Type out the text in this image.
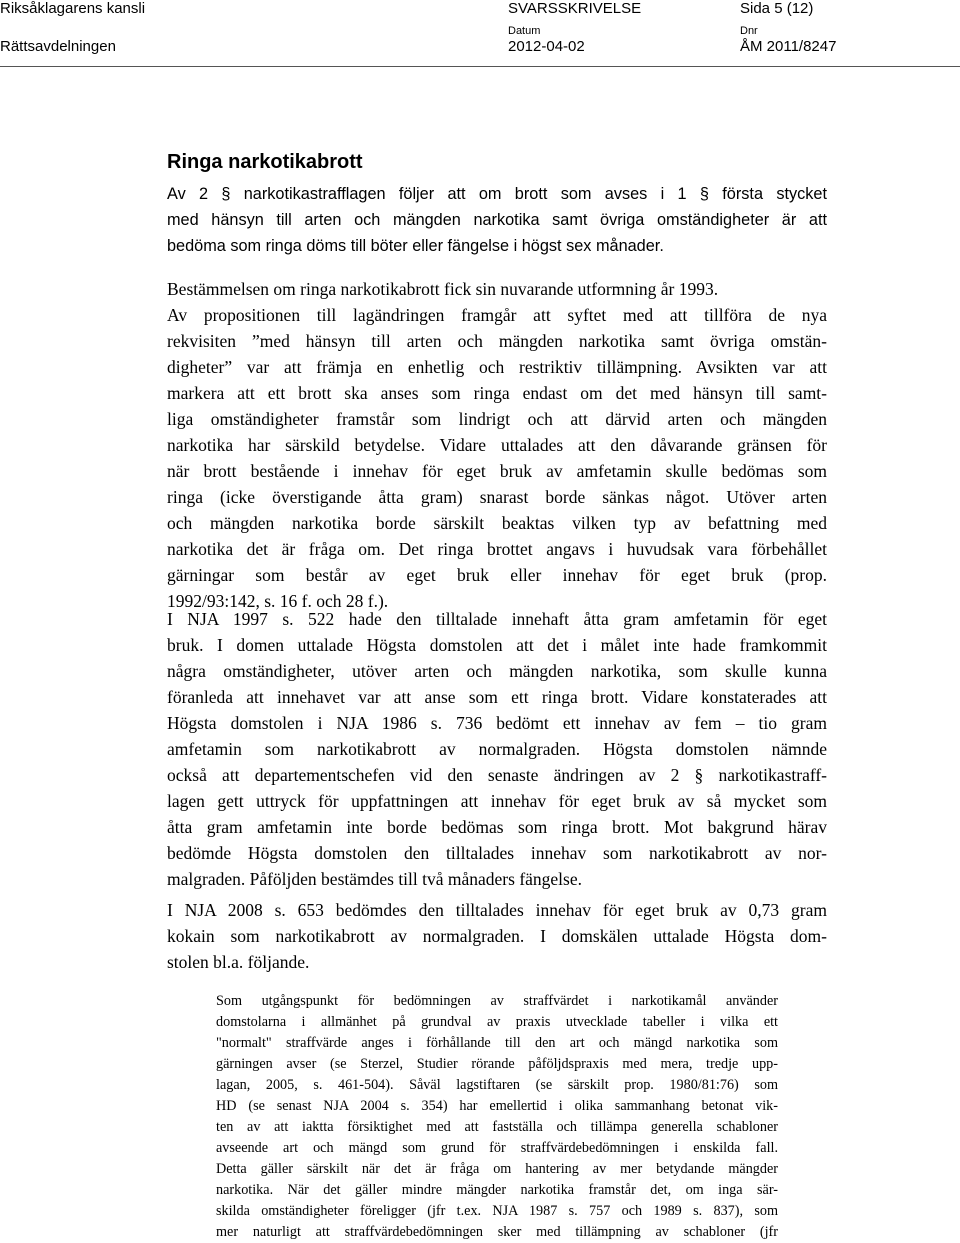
Riksåklagarens kansli
Rättsavdelningen
SVARSSKRIVELSE
Datum
2012-04-02
Dnr
ÅM 2011/8247
Sida 5 (12)
Ringa narkotikabrott
Av 2 § narkotikastrafflagen följer att om brott som avses i 1 § första stycket
med hänsyn till arten och mängden narkotika samt övriga omständigheter är att
bedöma som ringa döms till böter eller fängelse i högst sex månader.
Bestämmelsen om ringa narkotikabrott fick sin nuvarande utformning år 1993.
Av propositionen till lagändringen framgår att syftet med att tillföra de nya
rekvisiten ”med hänsyn till arten och mängden narkotika samt övriga omstän-
digheter” var att främja en enhetlig och restriktiv tillämpning. Avsikten var att
markera att ett brott ska anses som ringa endast om det med hänsyn till samt-
liga omständigheter framstår som lindrigt och att därvid arten och mängden
narkotika har särskild betydelse. Vidare uttalades att den dåvarande gränsen för
när brott bestående i innehav för eget bruk av amfetamin skulle bedömas som
ringa (icke överstigande åtta gram) snarast borde sänkas något. Utöver arten
och mängden narkotika borde särskilt beaktas vilken typ av befattning med
narkotika det är fråga om. Det ringa brottet angavs i huvudsak vara förbehållet
gärningar som består av eget bruk eller innehav för eget bruk (prop.
1992/93:142, s. 16 f. och 28 f.).
I NJA 1997 s. 522 hade den tilltalade innehaft åtta gram amfetamin för eget
bruk. I domen uttalade Högsta domstolen att det i målet inte hade framkommit
några omständigheter, utöver arten och mängden narkotika, som skulle kunna
föranleda att innehavet var att anse som ett ringa brott. Vidare konstaterades att
Högsta domstolen i NJA 1986 s. 736 bedömt ett innehav av fem – tio gram
amfetamin som narkotikabrott av normalgraden. Högsta domstolen nämnde
också att departementschefen vid den senaste ändringen av 2 § narkotikastraff-
lagen gett uttryck för uppfattningen att innehav för eget bruk av så mycket som
åtta gram amfetamin inte borde bedömas som ringa brott. Mot bakgrund härav
bedömde Högsta domstolen den tilltalades innehav som narkotikabrott av nor-
malgraden. Påföljden bestämdes till två månaders fängelse.
I NJA 2008 s. 653 bedömdes den tilltalades innehav för eget bruk av 0,73 gram
kokain som narkotikabrott av normalgraden. I domskälen uttalade Högsta dom-
stolen bl.a. följande.
Som utgångspunkt för bedömningen av straffvärdet i narkotikamål använder
domstolarna i allmänhet på grundval av praxis utvecklade tabeller i vilka ett
"normalt" straffvärde anges i förhållande till den art och mängd narkotika som
gärningen avser (se Sterzel, Studier rörande påföljdspraxis med mera, tredje upp-
lagan, 2005, s. 461-504). Såväl lagstiftaren (se särskilt prop. 1980/81:76) som
HD (se senast NJA 2004 s. 354) har emellertid i olika sammanhang betonat vik-
ten av att iaktta försiktighet med att fastställa och tillämpa generella schabloner
avseende art och mängd som grund för straffvärdebedömningen i enskilda fall.
Detta gäller särskilt när det är fråga om hantering av mer betydande mängder
narkotika. När det gäller mindre mängder narkotika framstår det, om inga sär-
skilda omständigheter föreligger (jfr t.ex. NJA 1987 s. 757 och 1989 s. 837), som
mer naturligt att straffvärdebedömningen sker med tillämpning av schabloner (jfr
